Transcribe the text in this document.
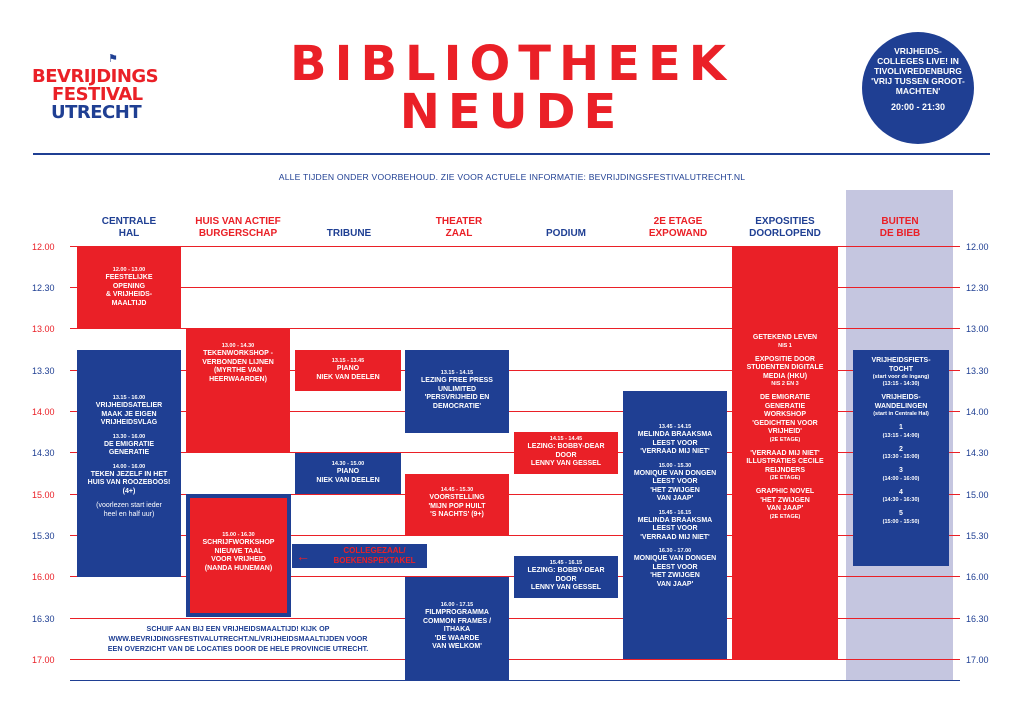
⚑
BEVRIJDINGS
FESTIVAL
UTRECHT
BIBLIOTHEEK
NEUDE
VRIJHEIDS-
COLLEGES LIVE! IN
TIVOLIVREDENBURG
'VRIJ TUSSEN GROOT-
MACHTEN'
20:00 - 21:30
ALLE TIJDEN ONDER VOORBEHOUD. ZIE VOOR ACTUELE INFORMATIE: BEVRIJDINGSFESTIVALUTRECHT.NL
CENTRALE
HAL
HUIS VAN ACTIEF
BURGERSCHAP	TRIBUNE
THEATER
ZAAL	PODIUM
2E ETAGE
EXPOWAND
EXPOSITIES
DOORLOPEND
BUITEN
DE BIEB
12.00
12.30
13.00
13.30
14.00
14.30
15.00
15.30
16.00
16.30
17.00
12.00
12.30
13.00
13.30
14.00
14.30
15.00
15.30
16.00
16.30
17.00
12.00 - 13.00
FEESTELIJKE
OPENING
& VRIJHEIDS-
MAALTIJD
13.15 - 16.00
VRIJHEIDSATELIER
MAAK JE EIGEN
VRIJHEIDSVLAG
13.30 - 16.00
DE EMIGRATIE
GENERATIE
14.00 - 16.00
TEKEN JEZELF IN HET
HUIS VAN ROOZEBOOS!
(4+)
(voorlezen start ieder
heel en half uur)
13.00 - 14.30
TEKENWORKSHOP -
VERBONDEN LIJNEN
(MYRTHE VAN
HEERWAARDEN)
15.00 - 16.30
SCHRIJFWORKSHOP
NIEUWE TAAL
VOOR VRIJHEID
(NANDA HUNEMAN)
13.15 - 13.45
PIANO
NIEK VAN DEELEN
14.30 - 15.00
PIANO
NIEK VAN DEELEN
13.15 - 14.15
LEZING FREE PRESS
UNLIMITED
'PERSVRIJHEID EN
DEMOCRATIE'
14.45 - 15.30
VOORSTELLING
'MIJN POP HUILT
'S NACHTS' (9+)
16.00 - 17.15
FILMPROGRAMMA
COMMON FRAMES /
ITHAKA
'DE WAARDE
VAN WELKOM'
14.15 - 14.45
LEZING: BOBBY-DEAR
DOOR
LENNY VAN GESSEL
15.45 - 16.15
LEZING: BOBBY-DEAR
DOOR
LENNY VAN GESSEL
13.45 - 14.15
MELINDA BRAAKSMA
LEEST VOOR
'VERRAAD MIJ NIET'
15.00 - 15.30
MONIQUE VAN DONGEN
LEEST VOOR
'HET ZWIJGEN
VAN JAAP'
15.45 - 16.15
MELINDA BRAAKSMA
LEEST VOOR
'VERRAAD MIJ NIET'
16.30 - 17.00
MONIQUE VAN DONGEN
LEEST VOOR
'HET ZWIJGEN
VAN JAAP'
GETEKEND LEVEN
NIS 1
EXPOSITIE DOOR
STUDENTEN DIGITALE
MEDIA (HKU)
NIS 2 EN 3
DE EMIGRATIE
GENERATIE
WORKSHOP
'GEDICHTEN VOOR
VRIJHEID'
(2E ETAGE)
'VERRAAD MIJ NIET'
ILLUSTRATIES CECILE
REIJNDERS
(2E ETAGE)
GRAPHIC NOVEL
'HET ZWIJGEN
VAN JAAP'
(2E ETAGE)
VRIJHEIDSFIETS-
TOCHT
(start voor de ingang)
(13:15 - 14:30)
VRIJHEIDS-
WANDELINGEN
(start in Centrale Hal)
1
(13:15 - 14:00)
2
(13:30 - 15:00)
3
(14:00 - 16:00)
4
(14:30 - 16:30)
5
(15:00 - 15:50)
COLLEGEZAAL/
BOEKENSPEKTAKEL
←
SCHUIF AAN BIJ EEN VRIJHEIDSMAALTIJD! KIJK OP
WWW.BEVRIJDINGSFESTIVALUTRECHT.NL/VRIJHEIDSMAALTIJDEN VOOR
EEN OVERZICHT VAN DE LOCATIES DOOR DE HELE PROVINCIE UTRECHT.
